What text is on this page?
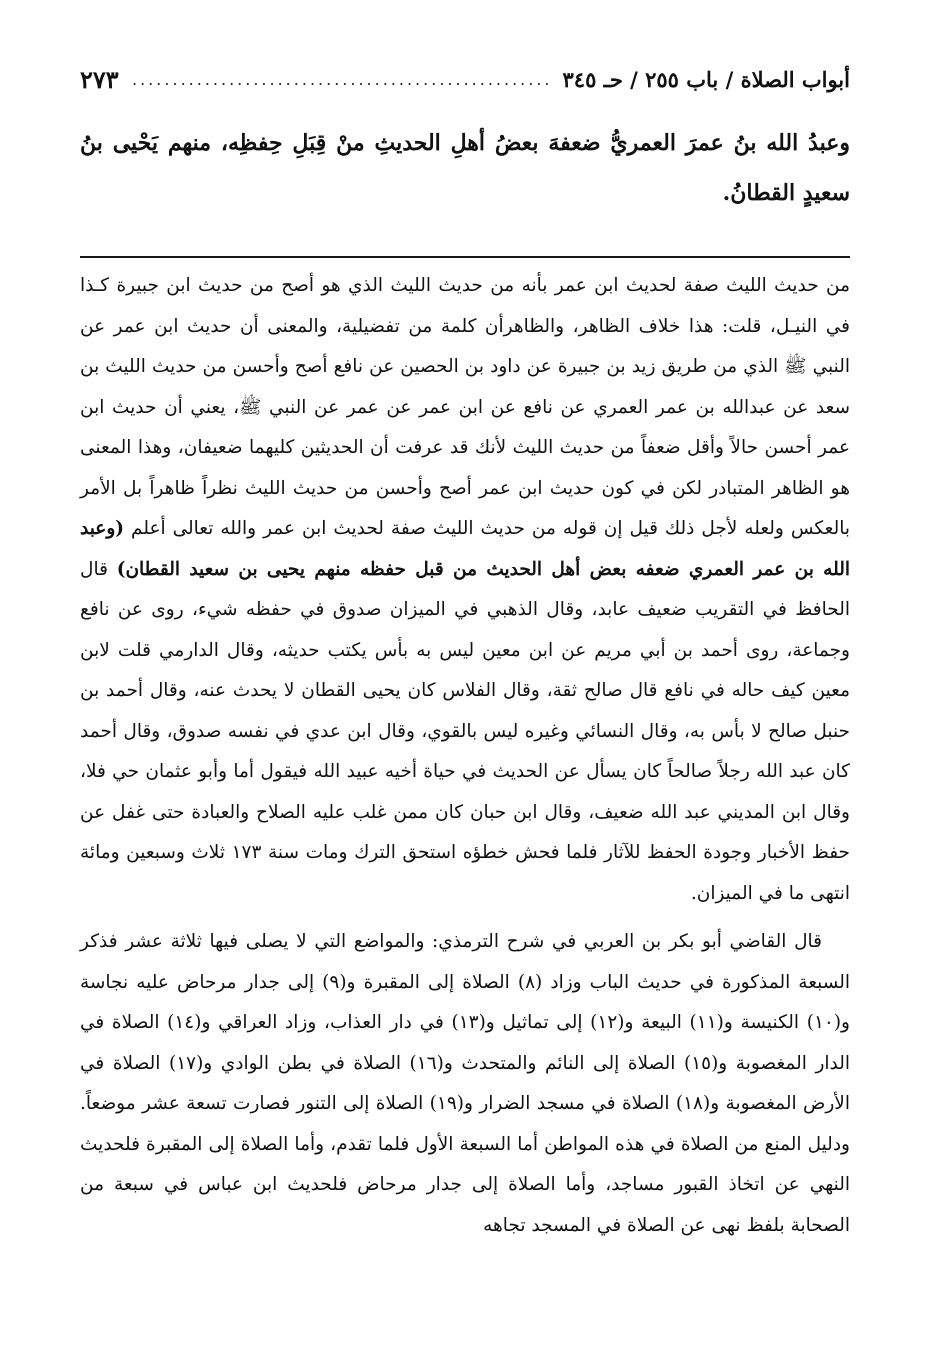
أبواب الصلاة / باب ٢٥٥ / حـ ٣٤٥
.....
٢٧٣
وعبدُ الله بنُ عمرَ العمريُّ ضعفهَ بعضُ أهلِ الحديثِ منْ قِبَلِ حِفظِه، منهم يَحْيى بنُ سعيدٍ القطانُ.

من حديث الليث صفة لحديث ابن عمر بأنه من حديث الليث الذي هو أصح من حديث ابن جبيرة كـذا في النيـل، قلت: هذا خلاف الظاهر، والظاهرأن كلمة من تفضيلية، والمعنى أن حديث ابن عمر عن النبي ﷺ الذي من طريق زيد بن جبيرة عن داود بن الحصين عن نافع أصح وأحسن من حديث الليث بن سعد عن عبدالله بن عمر العمري عن نافع عن ابن عمر عن عمر عن النبي ﷺ، يعني أن حديث ابن عمر أحسن حالاً وأقل ضعفاً من حديث الليث لأنك قد عرفت أن الحديثين كليهما ضعيفان، وهذا المعنى هو الظاهر المتبادر لكن في كون حديث ابن عمر أصح وأحسن من حديث الليث نظراً ظاهراً بل الأمر بالعكس ولعله لأجل ذلك قيل إن قوله من حديث الليث صفة لحديث ابن عمر والله تعالى أعلم (وعبد الله بن عمر العمري ضعفه بعض أهل الحديث من قبل حفظه منهم يحيى بن سعيد القطان) قال الحافظ في التقريب ضعيف عابد، وقال الذهبي في الميزان صدوق في حفظه شيء، روى عن نافع وجماعة، روى أحمد بن أبي مريم عن ابن معين ليس به بأس يكتب حديثه، وقال الدارمي قلت لابن معين كيف حاله في نافع قال صالح ثقة، وقال الفلاس كان يحيى القطان لا يحدث عنه، وقال أحمد بن حنبل صالح لا بأس به، وقال النسائي وغيره ليس بالقوي، وقال ابن عدي في نفسه صدوق، وقال أحمد كان عبد الله رجلاً صالحاً كان يسأل عن الحديث في حياة أخيه عبيد الله فيقول أما وأبو عثمان حي فلا، وقال ابن المديني عبد الله ضعيف، وقال ابن حبان كان ممن غلب عليه الصلاح والعبادة حتى غفل عن حفظ الأخبار وجودة الحفظ للآثار فلما فحش خطؤه استحق الترك ومات سنة ١٧٣ ثلاث وسبعين ومائة انتهى ما في الميزان.

قال القاضي أبو بكر بن العربي في شرح الترمذي: والمواضع التي لا يصلى فيها ثلاثة عشر فذكر السبعة المذكورة في حديث الباب وزاد (٨) الصلاة إلى المقبرة و(٩) إلى جدار مرحاض عليه نجاسة و(١٠) الكنيسة و(١١) البيعة و(١٢) إلى تماثيل و(١٣) في دار العذاب، وزاد العراقي و(١٤) الصلاة في الدار المغصوبة و(١٥) الصلاة إلى النائم والمتحدث و(١٦) الصلاة في بطن الوادي و(١٧) الصلاة في الأرض المغصوبة و(١٨) الصلاة في مسجد الضرار و(١٩) الصلاة إلى التنور فصارت تسعة عشر موضعاً. ودليل المنع من الصلاة في هذه المواطن أما السبعة الأول فلما تقدم، وأما الصلاة إلى المقبرة فلحديث النهي عن اتخاذ القبور مساجد، وأما الصلاة إلى جدار مرحاض فلحديث ابن عباس في سبعة من الصحابة بلفظ نهى عن الصلاة في المسجد تجاهه
